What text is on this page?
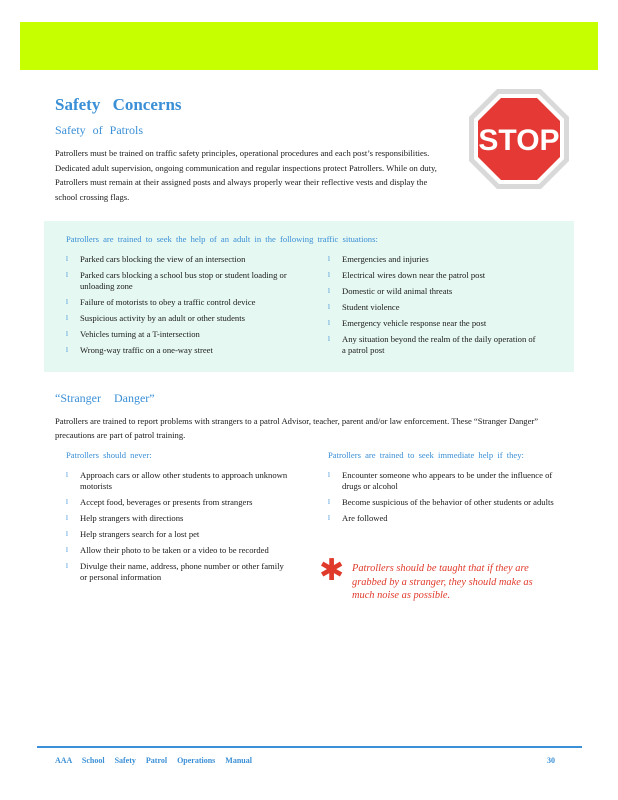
Safety Concerns
Safety of Patrols
Patrollers must be trained on traffic safety principles, operational procedures and each post’s responsibilities. Dedicated adult supervision, ongoing communication and regular inspections protect Patrollers. While on duty, Patrollers must remain at their assigned posts and always properly wear their reflective vests and display the school crossing flags.
STOP
Patrollers are trained to seek the help of an adult in the following traffic situations:
l Parked cars blocking the view of an intersection
l Parked cars blocking a school bus stop or student loading or unloading zone
l Failure of motorists to obey a traffic control device
l Suspicious activity by an adult or other students
l Vehicles turning at a T-intersection
l Wrong-way traffic on a one-way street
l Emergencies and injuries
l Electrical wires down near the patrol post
l Domestic or wild animal threats
l Student violence
l Emergency vehicle response near the post
l Any situation beyond the realm of the daily operation of a patrol post
“Stranger Danger”
Patrollers are trained to report problems with strangers to a patrol Advisor, teacher, parent and/or law enforcement. These “Stranger Danger” precautions are part of patrol training.
Patrollers should never:
l Approach cars or allow other students to approach unknown motorists
l Accept food, beverages or presents from strangers
l Help strangers with directions
l Help strangers search for a lost pet
l Allow their photo to be taken or a video to be recorded
l Divulge their name, address, phone number or other family or personal information
Patrollers are trained to seek immediate help if they:
l Encounter someone who appears to be under the influence of drugs or alcohol
l Become suspicious of the behavior of other students or adults
l Are followed
✱ Patrollers should be taught that if they are grabbed by a stranger, they should make as much noise as possible.
AAA School Safety Patrol Operations Manual	30
